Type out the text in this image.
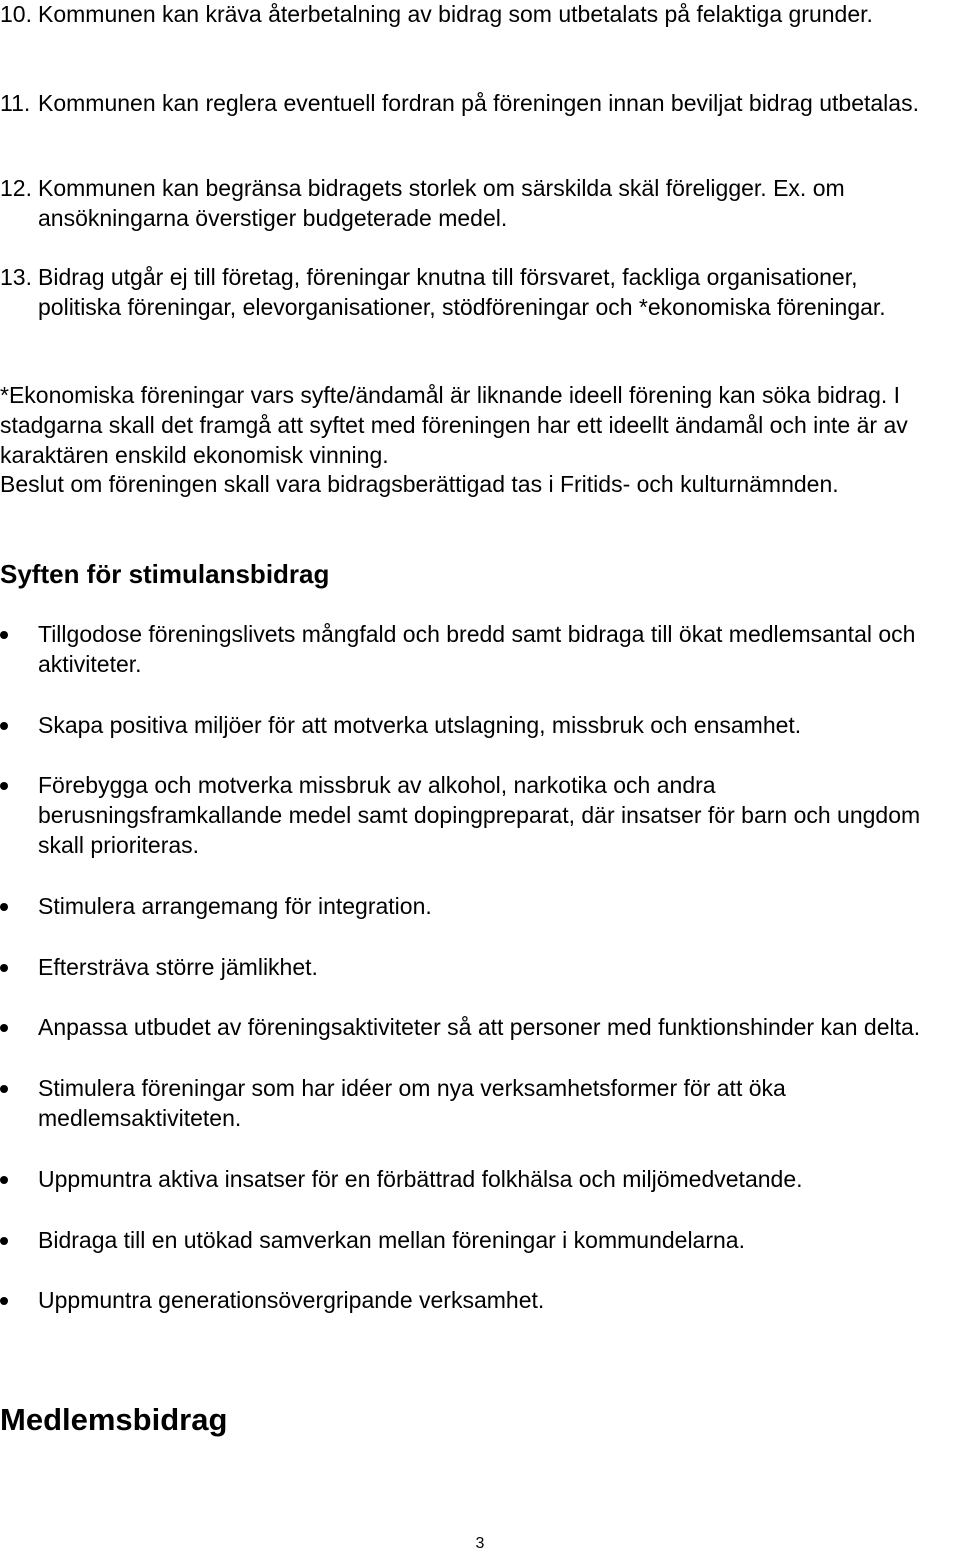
10. Kommunen kan kräva återbetalning av bidrag som utbetalats på felaktiga grunder.
11. Kommunen kan reglera eventuell fordran på föreningen innan beviljat bidrag utbetalas.
12. Kommunen kan begränsa bidragets storlek om särskilda skäl föreligger. Ex. om ansökningarna överstiger budgeterade medel.
13. Bidrag utgår ej till företag, föreningar knutna till försvaret, fackliga organisationer, politiska föreningar, elevorganisationer, stödföreningar och *ekonomiska föreningar.
*Ekonomiska föreningar vars syfte/ändamål är liknande ideell förening kan söka bidrag. I stadgarna skall det framgå att syftet med föreningen har ett ideellt ändamål och inte är av karaktären enskild ekonomisk vinning.
Beslut om föreningen skall vara bidragsberättigad tas i Fritids- och kulturnämnden.
Syften för stimulansbidrag
Tillgodose föreningslivets mångfald och bredd samt bidraga till ökat medlemsantal och aktiviteter.
Skapa positiva miljöer för att motverka utslagning, missbruk och ensamhet.
Förebygga och motverka missbruk av alkohol, narkotika och andra berusningsframkallande medel samt dopingpreparat, där insatser för barn och ungdom skall prioriteras.
Stimulera arrangemang för integration.
Eftersträva större jämlikhet.
Anpassa utbudet av föreningsaktiviteter så att personer med funktionshinder kan delta.
Stimulera föreningar som har idéer om nya verksamhetsformer för att öka medlemsaktiviteten.
Uppmuntra aktiva insatser för en förbättrad folkhälsa och miljömedvetande.
Bidraga till en utökad samverkan mellan föreningar i kommundelarna.
Uppmuntra generationsövergripande verksamhet.
Medlemsbidrag
3
